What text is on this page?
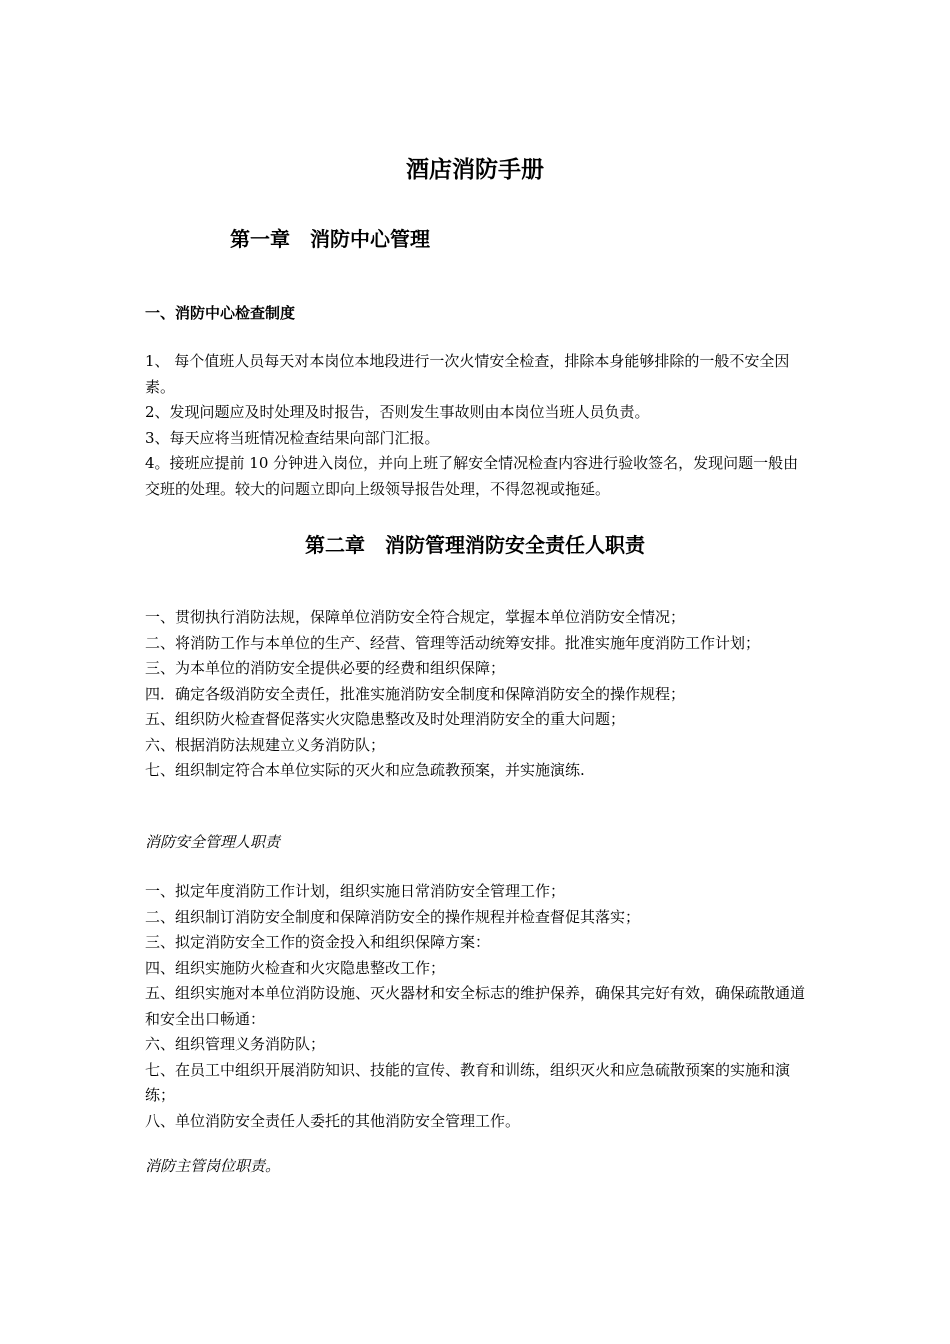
酒店消防手册
第一章　消防中心管理
一、消防中心检查制度
1、 每个值班人员每天对本岗位本地段进行一次火情安全检查，排除本身能够排除的一般不安全因素。
2、发现问题应及时处理及时报告，否则发生事故则由本岗位当班人员负责。
3、每天应将当班情况检查结果向部门汇报。
4。接班应提前 10 分钟进入岗位，并向上班了解安全情况检查内容进行验收签名，发现问题一般由交班的处理。较大的问题立即向上级领导报告处理，不得忽视或拖延。
第二章　消防管理消防安全责任人职责
一、贯彻执行消防法规，保障单位消防安全符合规定，掌握本单位消防安全情况；
二、将消防工作与本单位的生产、经营、管理等活动统筹安排。批准实施年度消防工作计划；
三、为本单位的消防安全提供必要的经费和组织保障；
四．确定各级消防安全责任，批准实施消防安全制度和保障消防安全的操作规程；
五、组织防火检查督促落实火灾隐患整改及时处理消防安全的重大问题；
六、根据消防法规建立义务消防队；
七、组织制定符合本单位实际的灭火和应急疏教预案，并实施演练.

消防安全管理人职责

一、拟定年度消防工作计划，组织实施日常消防安全管理工作；
二、组织制订消防安全制度和保障消防安全的操作规程并检查督促其落实；
三、拟定消防安全工作的资金投入和组织保障方案：
四、组织实施防火检查和火灾隐患整改工作；
五、组织实施对本单位消防设施、灭火器材和安全标志的维护保养，确保其完好有效，确保疏散通道和安全出口畅通：
六、组织管理义务消防队；
七、在员工中组织开展消防知识、技能的宣传、教育和训练，组织灭火和应急硫散预案的实施和演练；
八、单位消防安全责任人委托的其他消防安全管理工作。

消防主管岗位职责。
